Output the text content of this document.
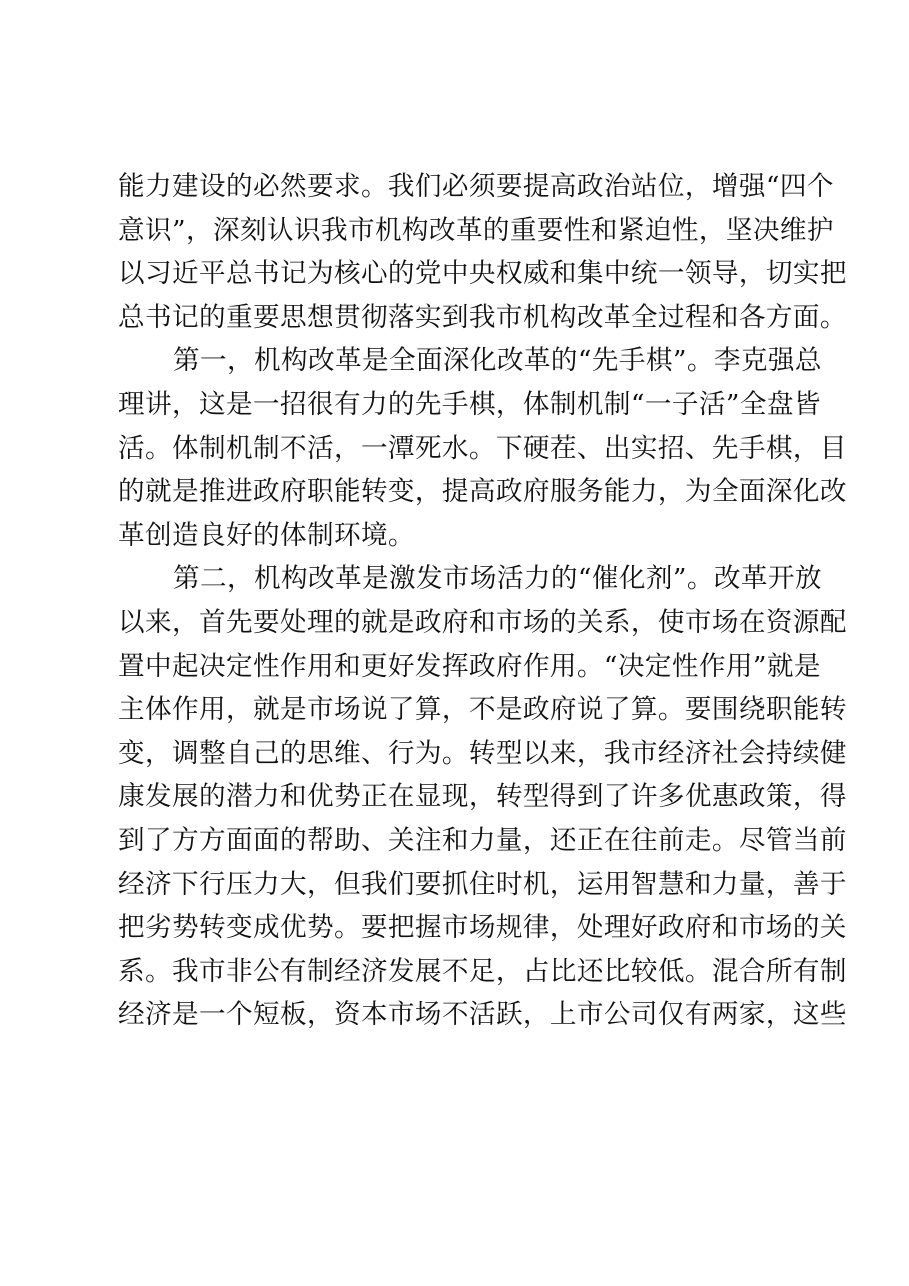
能力建设的必然要求。我们必须要提高政治站位，增强“四个
意识”，深刻认识我市机构改革的重要性和紧迫性，坚决维护
以习近平总书记为核心的党中央权威和集中统一领导，切实把
总书记的重要思想贯彻落实到我市机构改革全过程和各方面。
第一，机构改革是全面深化改革的“先手棋”。李克强总
理讲，这是一招很有力的先手棋，体制机制“一子活”全盘皆
活。体制机制不活，一潭死水。下硬茬、出实招、先手棋，目
的就是推进政府职能转变，提高政府服务能力，为全面深化改
革创造良好的体制环境。
第二，机构改革是激发市场活力的“催化剂”。改革开放
以来，首先要处理的就是政府和市场的关系，使市场在资源配
置中起决定性作用和更好发挥政府作用。“决定性作用”就是
主体作用，就是市场说了算，不是政府说了算。要围绕职能转
变，调整自己的思维、行为。转型以来，我市经济社会持续健
康发展的潜力和优势正在显现，转型得到了许多优惠政策，得
到了方方面面的帮助、关注和力量，还正在往前走。尽管当前
经济下行压力大，但我们要抓住时机，运用智慧和力量，善于
把劣势转变成优势。要把握市场规律，处理好政府和市场的关
系。我市非公有制经济发展不足，占比还比较低。混合所有制
经济是一个短板，资本市场不活跃，上市公司仅有两家，这些
